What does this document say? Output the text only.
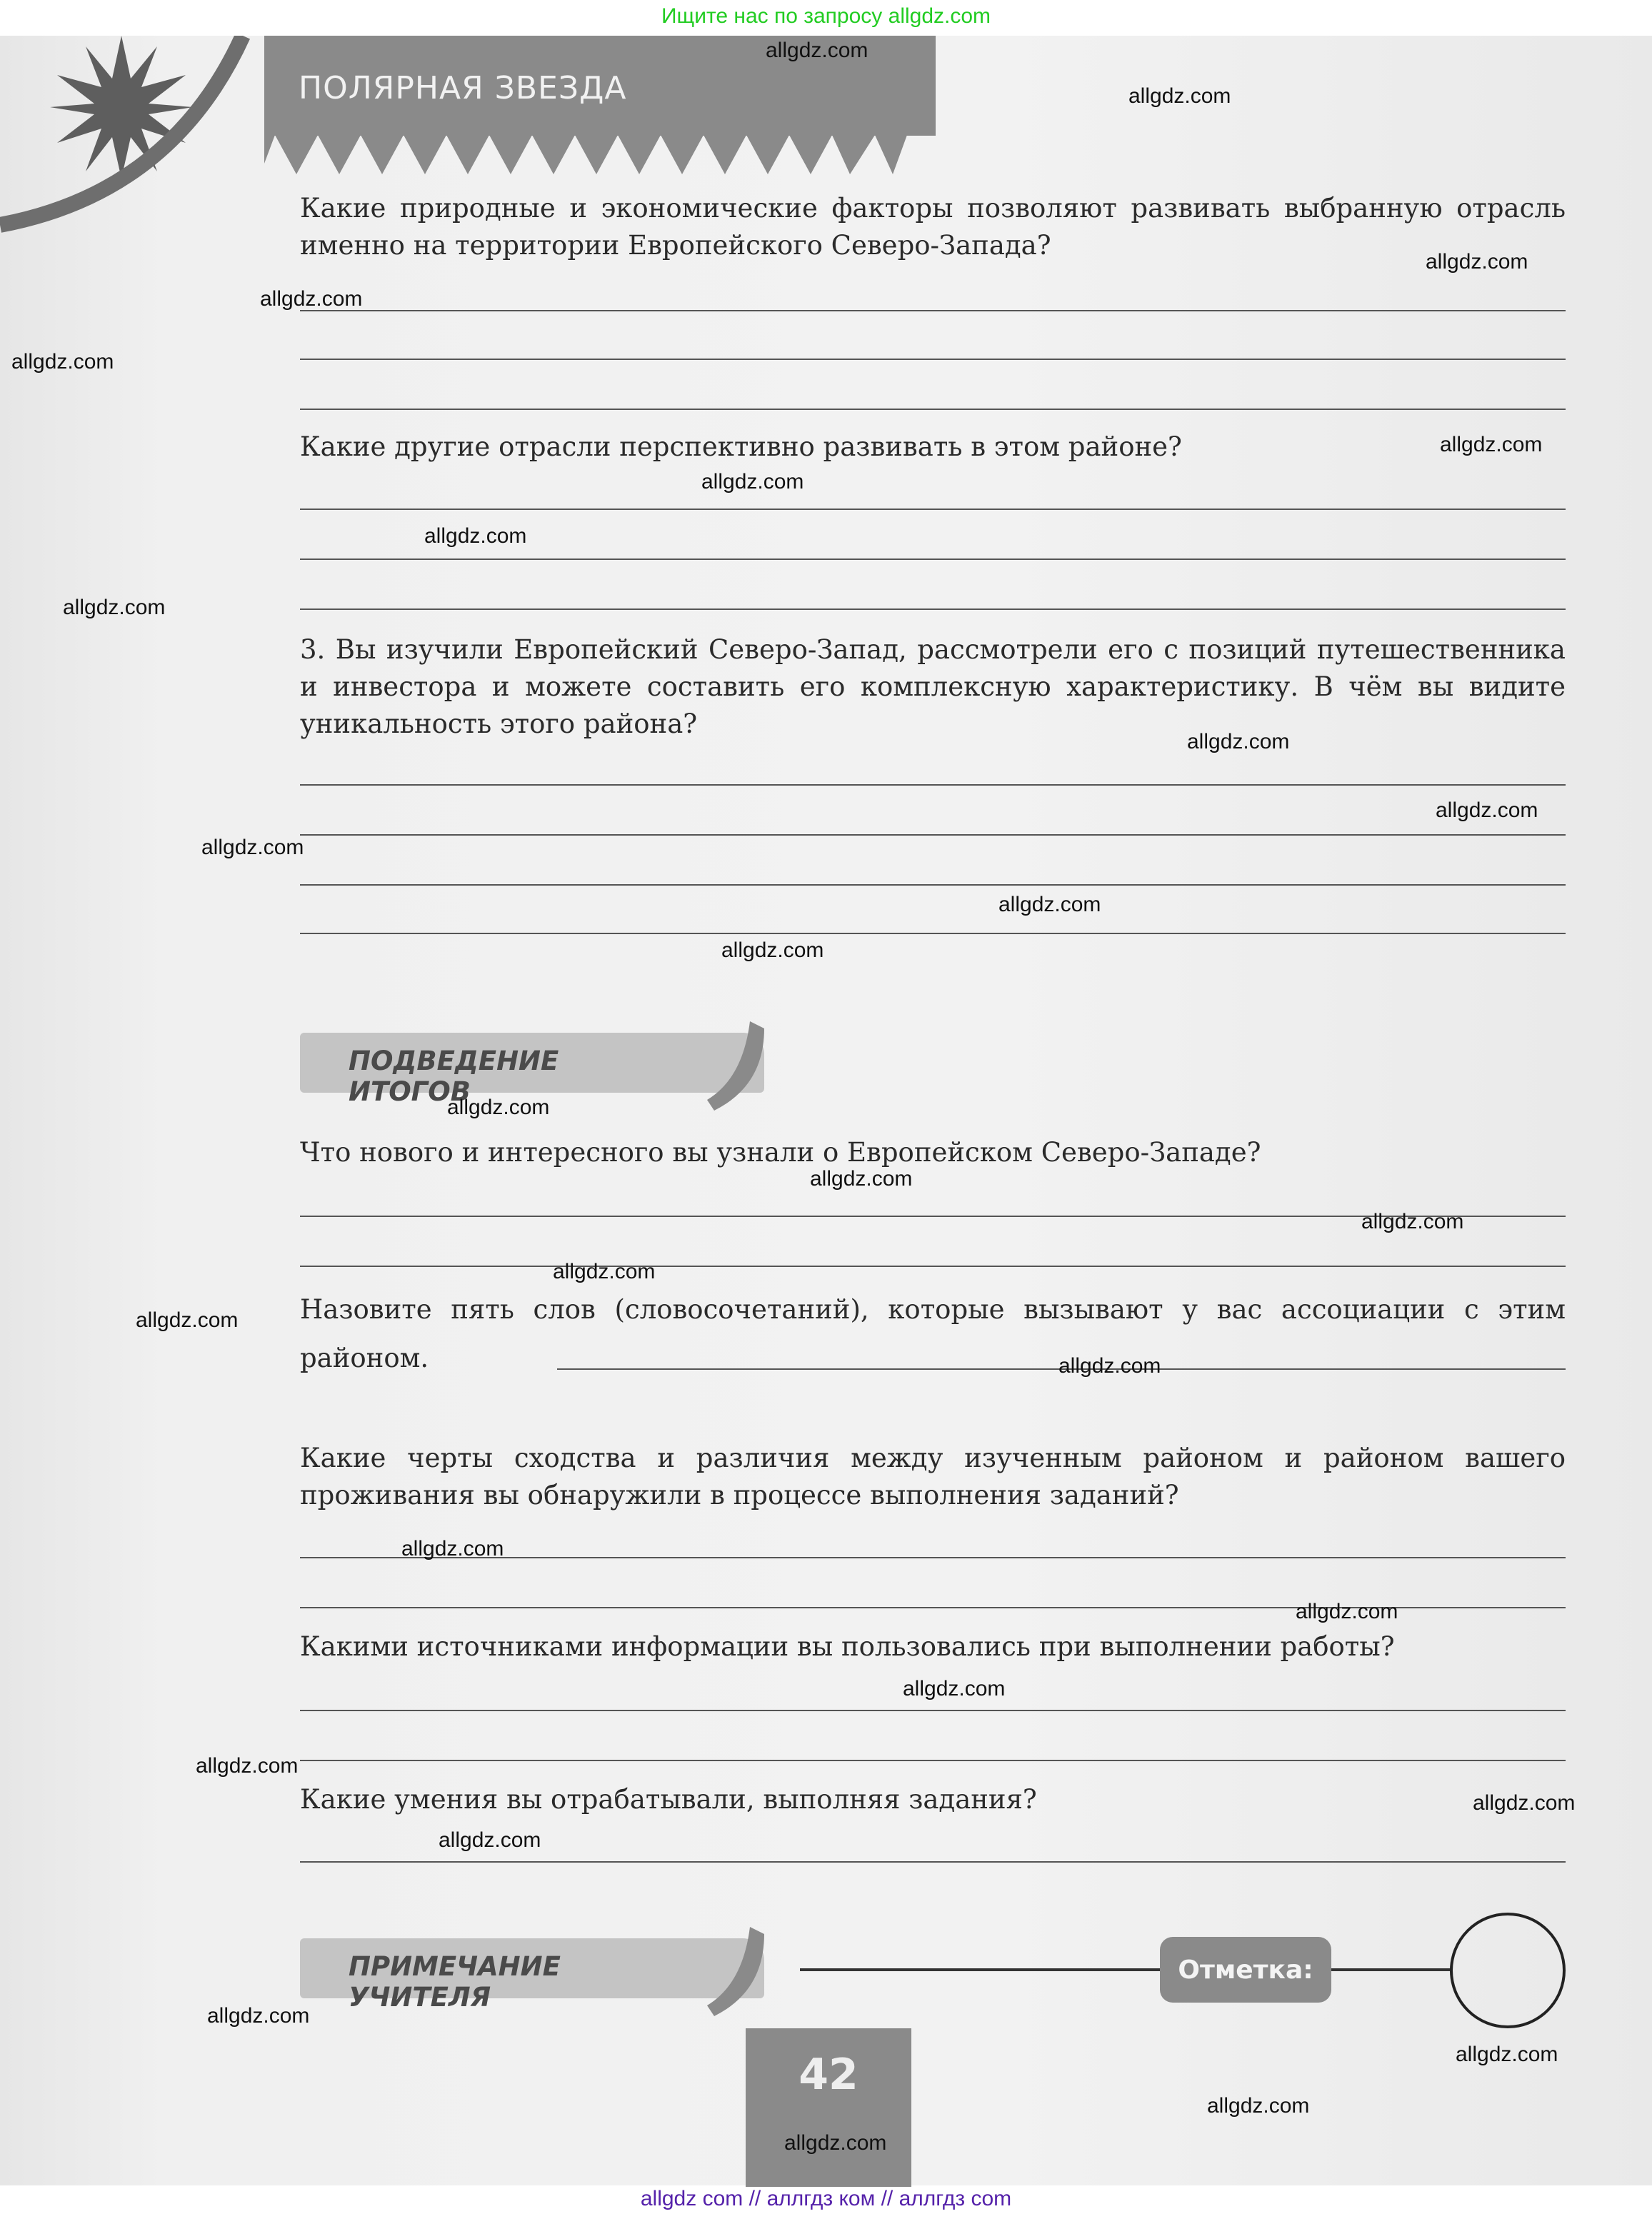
Ищите нас по запросу allgdz.com
ПОЛЯРНАЯ ЗВЕЗДА
Какие природные и экономические факторы позволяют развивать выбранную отрасль именно на территории Европейского Северо-Запада?
Какие другие отрасли перспективно развивать в этом районе?
3. Вы изучили Европейский Северо-Запад, рассмотрели его с позиций путешественника и инвестора и можете составить его комплексную характеристику. В чём вы видите уникальность этого района?
ПОДВЕДЕНИЕ ИТОГОВ
Что нового и интересного вы узнали о Европейском Северо-Западе?
Назовите пять слов (словосочетаний), которые вызывают у вас ассоциации с этим районом.
Какие черты сходства и различия между изученным районом и районом вашего проживания вы обнаружили в процессе выполнения заданий?
Какими источниками информации вы пользовались при выполнении работы?
Какие умения вы отрабатывали, выполняя задания?
ПРИМЕЧАНИЕ УЧИТЕЛЯ
Отметка:
42
allgdz.com
allgdz.com
allgdz.com
allgdz.com
allgdz.com
allgdz.com
allgdz.com
allgdz.com
allgdz.com
allgdz.com
allgdz.com
allgdz.com
allgdz.com
allgdz.com
allgdz.com
allgdz.com
allgdz.com
allgdz.com
allgdz.com
allgdz.com
allgdz.com
allgdz.com
allgdz.com
allgdz.com
allgdz.com
allgdz.com
allgdz.com
allgdz.com
allgdz.com
allgdz.com
allgdz com // аллгдз ком // аллгдз com
